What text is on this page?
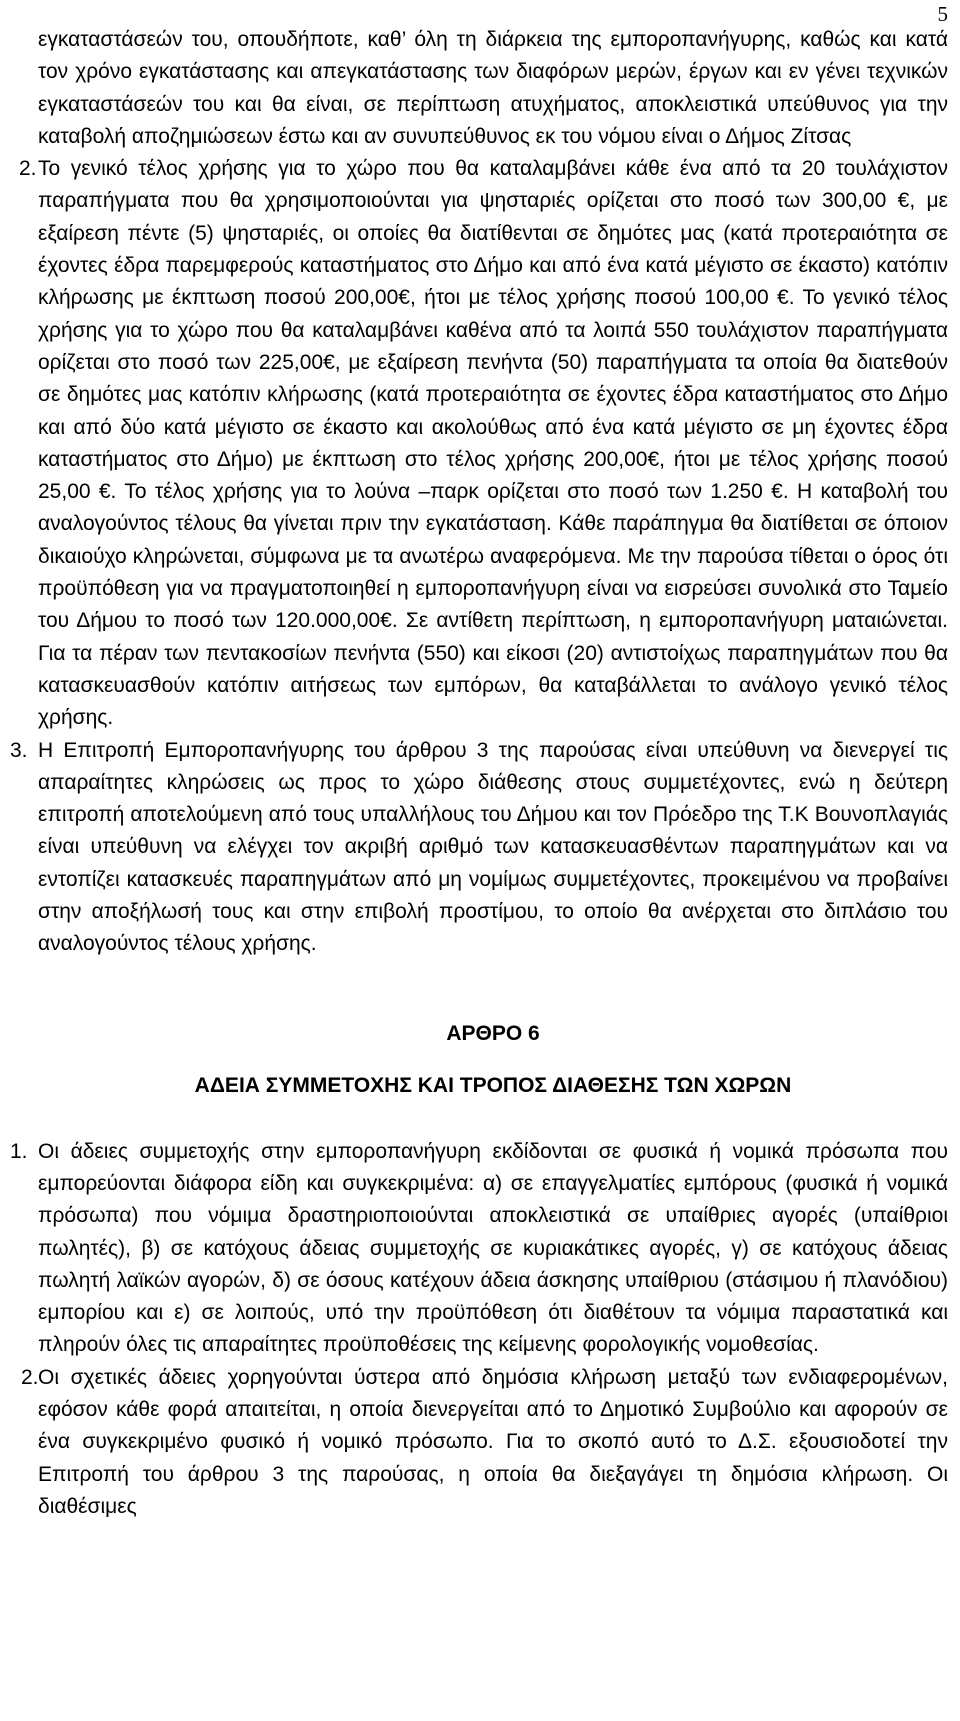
5

εγκαταστάσεών του, οπουδήποτε, καθ’ όλη τη διάρκεια της εμποροπανήγυρης, καθώς και κατά τον χρόνο εγκατάστασης και απεγκατάστασης των διαφόρων μερών, έργων και εν γένει τεχνικών εγκαταστάσεών του και θα είναι, σε περίπτωση ατυχήματος, αποκλειστικά υπεύθυνος για την καταβολή αποζημιώσεων έστω και αν συνυπεύθυνος εκ του νόμου είναι ο Δήμος Ζίτσας

2. Το γενικό τέλος χρήσης για το χώρο που θα καταλαμβάνει κάθε ένα από τα 20 τουλάχιστον παραπήγματα που θα χρησιμοποιούνται για ψησταριές ορίζεται στο ποσό των 300,00 €, με εξαίρεση πέντε (5) ψησταριές, οι οποίες θα διατίθενται σε δημότες μας (κατά προτεραιότητα σε έχοντες έδρα παρεμφερούς καταστήματος στο Δήμο και από ένα κατά μέγιστο σε έκαστο) κατόπιν κλήρωσης με έκπτωση ποσού 200,00€, ήτοι με τέλος χρήσης ποσού 100,00 €. Το γενικό τέλος χρήσης για το χώρο που θα καταλαμβάνει καθένα από τα λοιπά 550 τουλάχιστον παραπήγματα ορίζεται στο ποσό των 225,00€, με εξαίρεση πενήντα (50) παραπήγματα τα οποία θα διατεθούν σε δημότες μας κατόπιν κλήρωσης (κατά προτεραιότητα σε έχοντες έδρα καταστήματος στο Δήμο και από δύο κατά μέγιστο σε έκαστο και ακολούθως από ένα κατά μέγιστο σε μη έχοντες έδρα καταστήματος στο Δήμο) με έκπτωση στο τέλος χρήσης 200,00€, ήτοι με τέλος χρήσης ποσού 25,00 €. Το τέλος χρήσης για το λούνα –παρκ ορίζεται στο ποσό των 1.250 €. Η καταβολή του αναλογούντος τέλους θα γίνεται πριν την εγκατάσταση. Κάθε παράπηγμα θα διατίθεται σε όποιον δικαιούχο κληρώνεται, σύμφωνα με τα ανωτέρω αναφερόμενα. Με την παρούσα τίθεται ο όρος ότι προϋπόθεση για να πραγματοποιηθεί η εμποροπανήγυρη είναι να εισρεύσει συνολικά στο Ταμείο του Δήμου το ποσό των 120.000,00€. Σε αντίθετη περίπτωση, η εμποροπανήγυρη ματαιώνεται. Για τα πέραν των πεντακοσίων πενήντα (550) και είκοσι (20) αντιστοίχως παραπηγμάτων που θα κατασκευασθούν κατόπιν αιτήσεως των εμπόρων, θα καταβάλλεται το ανάλογο γενικό τέλος χρήσης.
3. Η Επιτροπή Εμποροπανήγυρης του άρθρου 3 της παρούσας είναι υπεύθυνη να διενεργεί τις απαραίτητες κληρώσεις ως προς το χώρο διάθεσης στους συμμετέχοντες, ενώ η δεύτερη επιτροπή αποτελούμενη από τους υπαλλήλους του Δήμου και τον Πρόεδρο της Τ.Κ Βουνοπλαγιάς είναι υπεύθυνη να ελέγχει τον ακριβή αριθμό των κατασκευασθέντων παραπηγμάτων και να εντοπίζει κατασκευές παραπηγμάτων από μη νομίμως συμμετέχοντες, προκειμένου να προβαίνει στην αποξήλωσή τους και στην επιβολή προστίμου, το οποίο θα ανέρχεται στο διπλάσιο του αναλογούντος τέλους χρήσης.

ΑΡΘΡΟ 6

ΑΔΕΙΑ ΣΥΜΜΕΤΟΧΗΣ ΚΑΙ ΤΡΟΠΟΣ ΔΙΑΘΕΣΗΣ ΤΩΝ ΧΩΡΩΝ

1. Οι άδειες συμμετοχής στην εμποροπανήγυρη εκδίδονται σε φυσικά ή νομικά πρόσωπα που εμπορεύονται διάφορα είδη και συγκεκριμένα: α) σε επαγγελματίες εμπόρους (φυσικά ή νομικά πρόσωπα) που νόμιμα δραστηριοποιούνται αποκλειστικά σε υπαίθριες αγορές (υπαίθριοι πωλητές), β) σε κατόχους άδειας συμμετοχής σε κυριακάτικες αγορές, γ) σε κατόχους άδειας πωλητή λαϊκών αγορών, δ) σε όσους κατέχουν άδεια άσκησης υπαίθριου (στάσιμου ή πλανόδιου) εμπορίου και ε) σε λοιπούς, υπό την προϋπόθεση ότι διαθέτουν τα νόμιμα παραστατικά και πληρούν όλες τις απαραίτητες προϋποθέσεις της κείμενης φορολογικής νομοθεσίας.
2. Οι σχετικές άδειες χορηγούνται ύστερα από δημόσια κλήρωση μεταξύ των ενδιαφερομένων, εφόσον κάθε φορά απαιτείται, η οποία διενεργείται από το Δημοτικό Συμβούλιο και αφορούν σε ένα συγκεκριμένο φυσικό ή νομικό πρόσωπο. Για το σκοπό αυτό το Δ.Σ. εξουσιοδοτεί την Επιτροπή του άρθρου 3 της παρούσας, η οποία θα διεξαγάγει τη δημόσια κλήρωση. Οι διαθέσιμες
